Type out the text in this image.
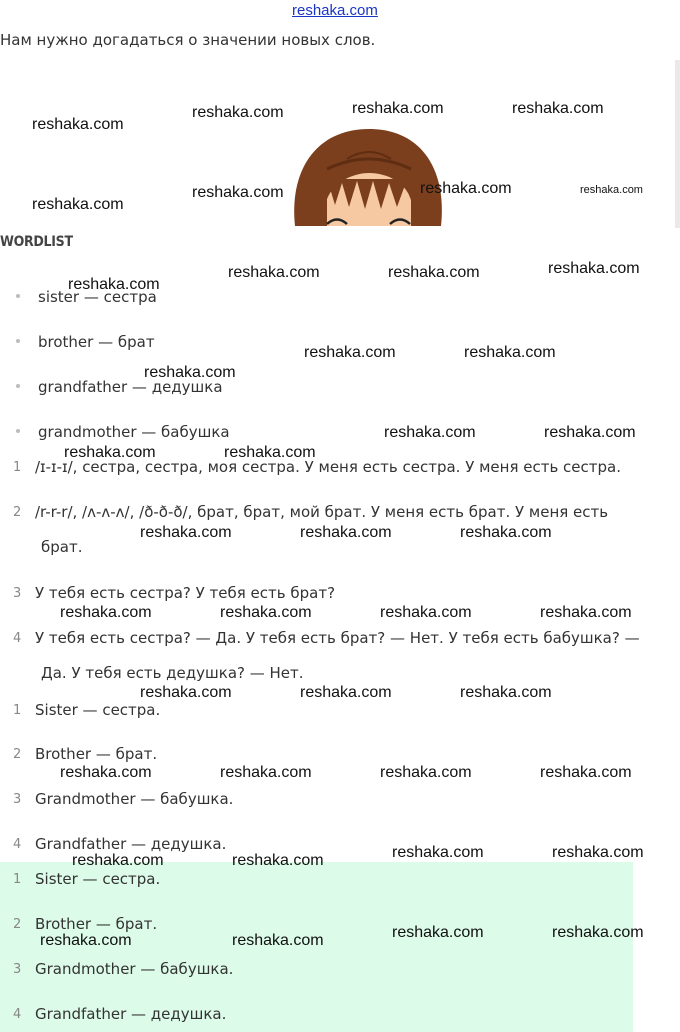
reshaka.com

Нам нужно догадаться о значении новых слов.

WORDLIST
sister — сестра
brother — брат
grandfather — дедушка
grandmother — бабушка
1 /ɪ-ɪ-ɪ/, сестра, сестра, моя сестра. У меня есть сестра. У меня есть сестра.
2 /r-r-r/, /ʌ-ʌ-ʌ/, /ð-ð-ð/, брат, брат, мой брат. У меня есть брат. У меня есть
брат.
3 У тебя есть сестра? У тебя есть брат?
4 У тебя есть сестра? — Да. У тебя есть брат? — Нет. У тебя есть бабушка? —
Да. У тебя есть дедушка? — Нет.
1 Sister — сестра.
2 Brother — брат.
3 Grandmother — бабушка.
4 Grandfather — дедушка.
1 Sister — сестра.
2 Brother — брат.
3 Grandmother — бабушка.
4 Grandfather — дедушка.
reshaka.com
reshaka.com	reshaka.com	reshaka.com
reshaka.com
reshaka.com	reshaka.com	reshaka.com
reshaka.com
reshaka.com	reshaka.com	reshaka.com
reshaka.com	reshaka.com
reshaka.com
reshaka.com	reshaka.com
reshaka.com	reshaka.com
reshaka.com	reshaka.com	reshaka.com
reshaka.com	reshaka.com	reshaka.com	reshaka.com
reshaka.com	reshaka.com	reshaka.com
reshaka.com	reshaka.com	reshaka.com	reshaka.com
reshaka.com	reshaka.com	reshaka.com	reshaka.com
reshaka.com	reshaka.com	reshaka.com	reshaka.com
